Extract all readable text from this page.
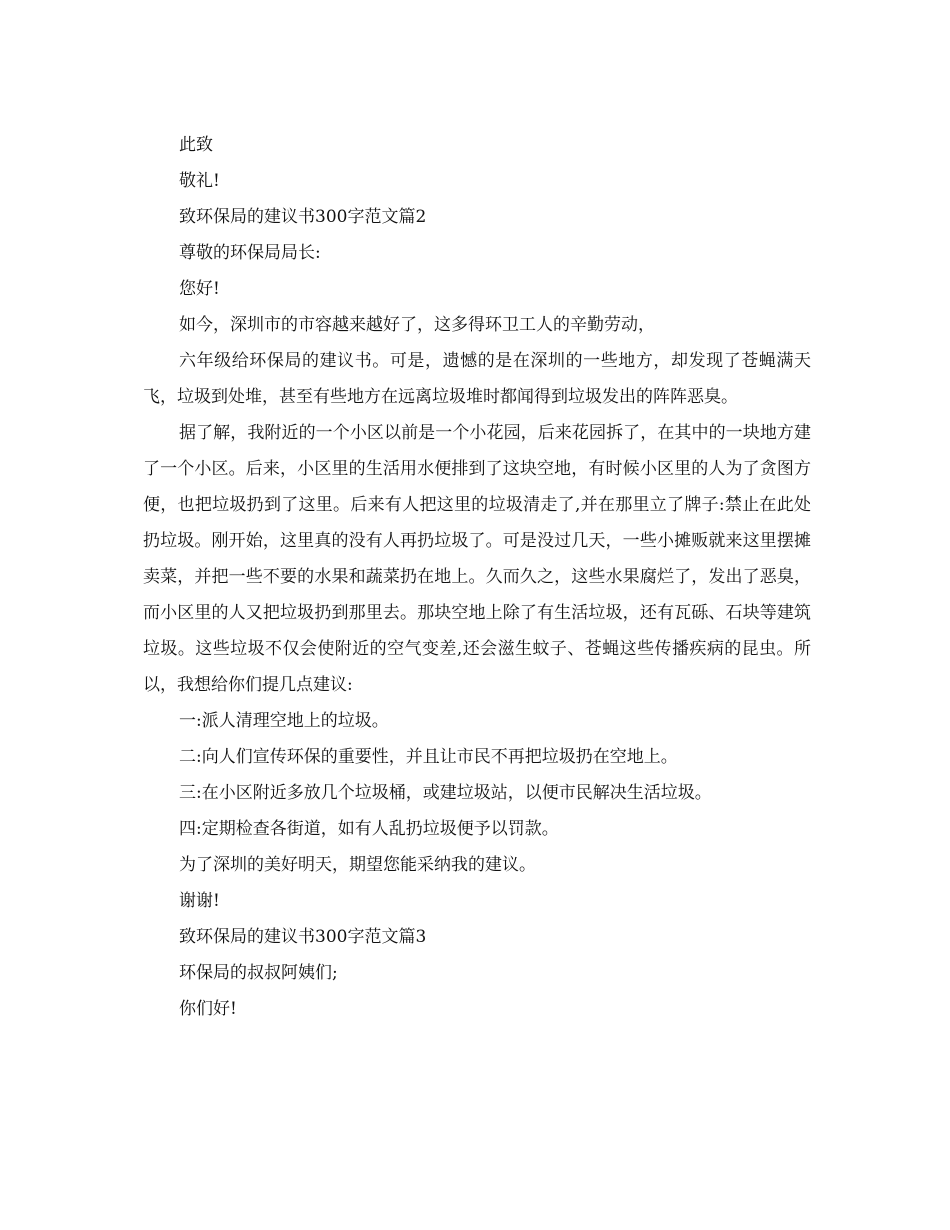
此致

敬礼!

致环保局的建议书300字范文篇2

尊敬的环保局局长:

您好!

如今，深圳市的市容越来越好了，这多得环卫工人的辛勤劳动，

六年级给环保局的建议书。可是，遗憾的是在深圳的一些地方，却发现了苍蝇满天飞，垃圾到处堆，甚至有些地方在远离垃圾堆时都闻得到垃圾发出的阵阵恶臭。

据了解，我附近的一个小区以前是一个小花园，后来花园拆了，在其中的一块地方建了一个小区。后来，小区里的生活用水便排到了这块空地，有时候小区里的人为了贪图方便，也把垃圾扔到了这里。后来有人把这里的垃圾清走了,并在那里立了牌子:禁止在此处扔垃圾。刚开始，这里真的没有人再扔垃圾了。可是没过几天，一些小摊贩就来这里摆摊卖菜，并把一些不要的水果和蔬菜扔在地上。久而久之，这些水果腐烂了，发出了恶臭，而小区里的人又把垃圾扔到那里去。那块空地上除了有生活垃圾，还有瓦砾、石块等建筑垃圾。这些垃圾不仅会使附近的空气变差,还会滋生蚊子、苍蝇这些传播疾病的昆虫。所以，我想给你们提几点建议:

一:派人清理空地上的垃圾。

二:向人们宣传环保的重要性，并且让市民不再把垃圾扔在空地上。

三:在小区附近多放几个垃圾桶，或建垃圾站，以便市民解决生活垃圾。

四:定期检查各街道，如有人乱扔垃圾便予以罚款。

为了深圳的美好明天，期望您能采纳我的建议。

谢谢!

致环保局的建议书300字范文篇3

环保局的叔叔阿姨们;

你们好!
